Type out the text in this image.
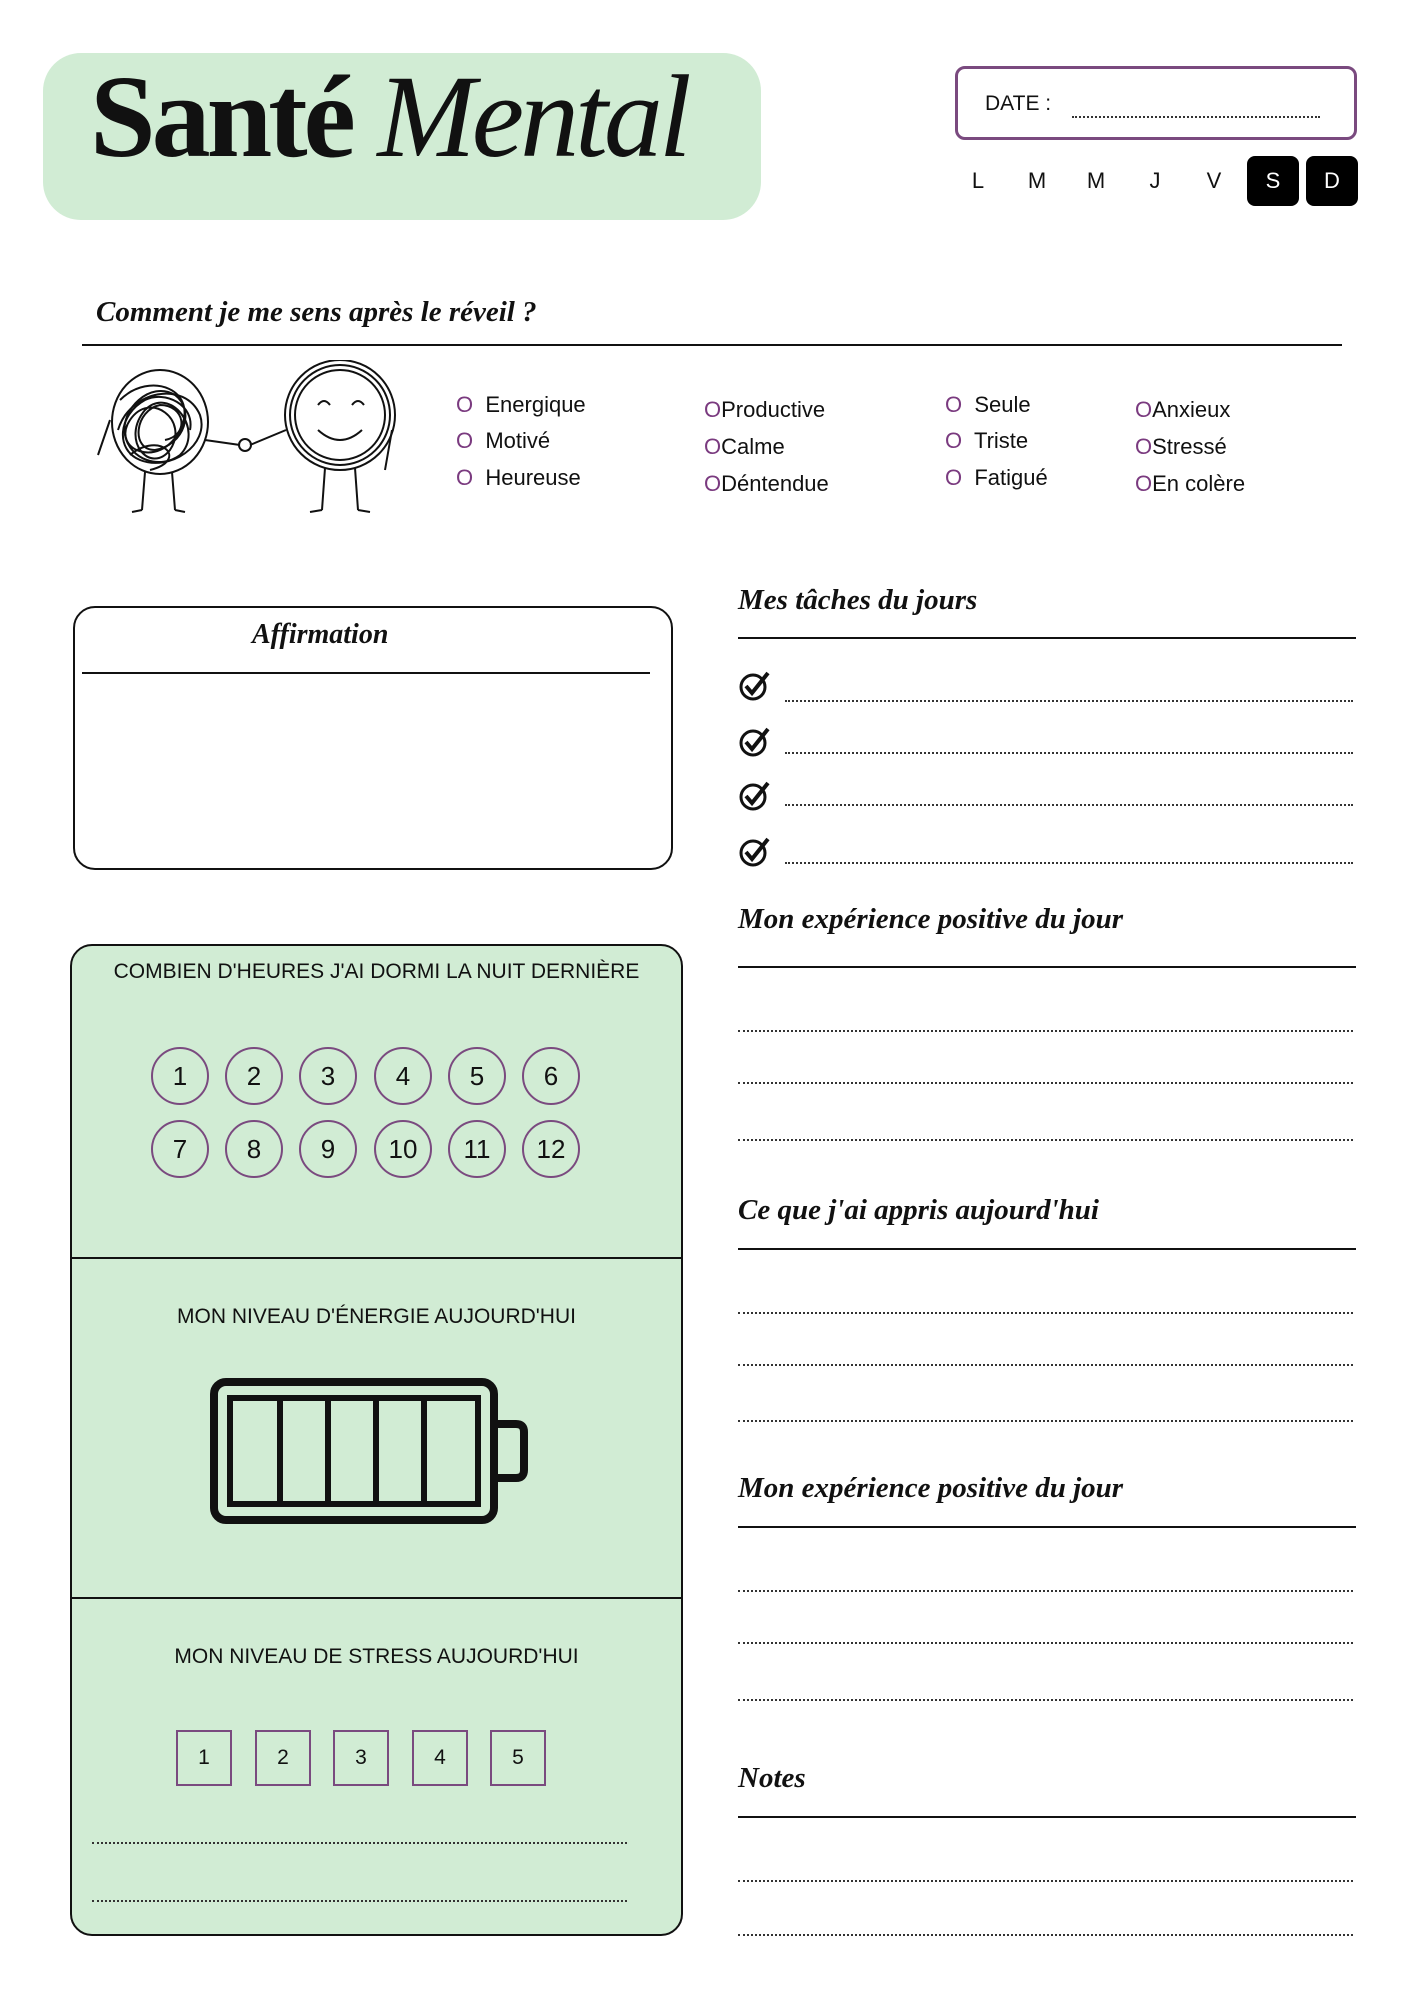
Santé Mental	DATE :
L	M	M	J	V	S	D
Comment je me sens après le réveil ?
O Energique
O Motivé
O Heureuse
OProductive
OCalme
ODéntendue
O Seule
O Triste
O Fatigué
OAnxieux
OStressé
OEn colère
Affirmation
Mes tâches du jours
Mon expérience positive du jour
Ce que j'ai appris aujourd'hui
Mon expérience positive du jour
Notes
COMBIEN D'HEURES J'AI DORMI LA NUIT DERNIÈRE
1	2	3	4	5	6
7	8	9	10	11	12
MON NIVEAU D'ÉNERGIE AUJOURD'HUI
MON NIVEAU DE STRESS AUJOURD'HUI
1	2	3	4	5
